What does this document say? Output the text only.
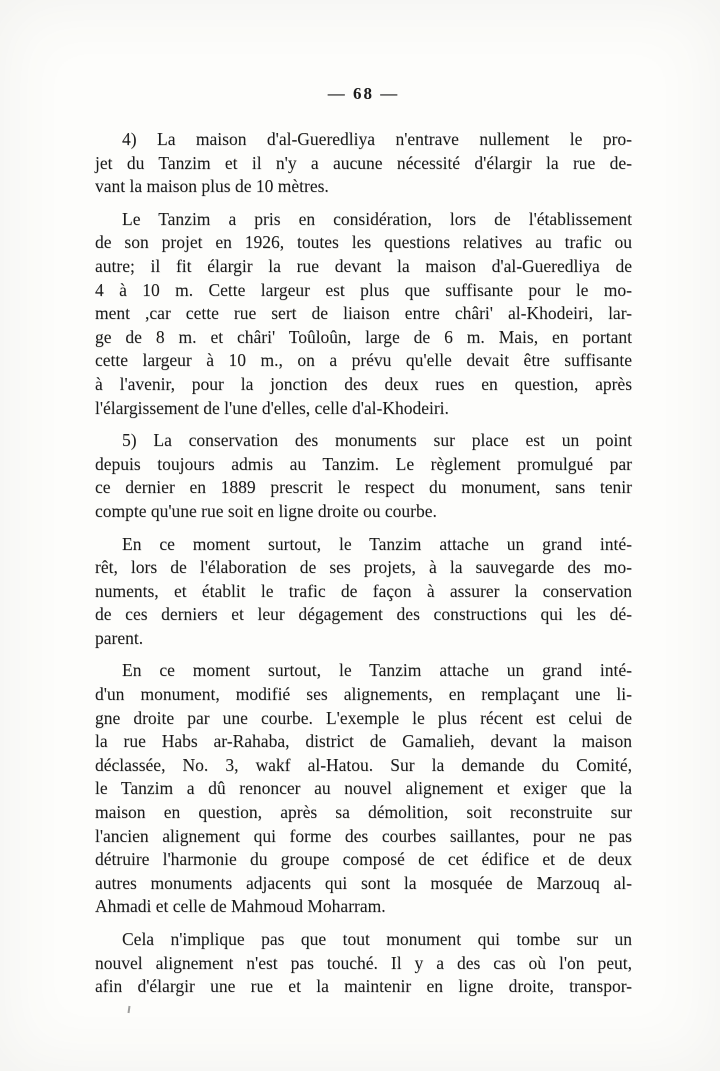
— 68 —
4) La maison d'al-Gueredliya n'entrave nullement le pro-
jet du Tanzim et il n'y a aucune nécessité d'élargir la rue de-
vant la maison plus de 10 mètres.
Le Tanzim a pris en considération, lors de l'établissement
de son projet en 1926, toutes les questions relatives au trafic ou
autre; il fit élargir la rue devant la maison d'al-Gueredliya de
4 à 10 m. Cette largeur est plus que suffisante pour le mo-
ment ,car cette rue sert de liaison entre châri' al-Khodeiri, lar-
ge de 8 m. et châri' Toûloûn, large de 6 m. Mais, en portant
cette largeur à 10 m., on a prévu qu'elle devait être suffisante
à l'avenir, pour la jonction des deux rues en question, après
l'élargissement de l'une d'elles, celle d'al-Khodeiri.
5) La conservation des monuments sur place est un point
depuis toujours admis au Tanzim. Le règlement promulgué par
ce dernier en 1889 prescrit le respect du monument, sans tenir
compte qu'une rue soit en ligne droite ou courbe.
En ce moment surtout, le Tanzim attache un grand inté-
rêt, lors de l'élaboration de ses projets, à la sauvegarde des mo-
numents, et établit le trafic de façon à assurer la conservation
de ces derniers et leur dégagement des constructions qui les dé-
parent.
En ce moment surtout, le Tanzim attache un grand inté-
d'un monument, modifié ses alignements, en remplaçant une li-
gne droite par une courbe. L'exemple le plus récent est celui de
la rue Habs ar-Rahaba, district de Gamalieh, devant la maison
déclassée, No. 3, wakf al-Hatou. Sur la demande du Comité,
le Tanzim a dû renoncer au nouvel alignement et exiger que la
maison en question, après sa démolition, soit reconstruite sur
l'ancien alignement qui forme des courbes saillantes, pour ne pas
détruire l'harmonie du groupe composé de cet édifice et de deux
autres monuments adjacents qui sont la mosquée de Marzouq al-
Ahmadi et celle de Mahmoud Moharram.
Cela n'implique pas que tout monument qui tombe sur un
nouvel alignement n'est pas touché. Il y a des cas où l'on peut,
afin d'élargir une rue et la maintenir en ligne droite, transpor-
